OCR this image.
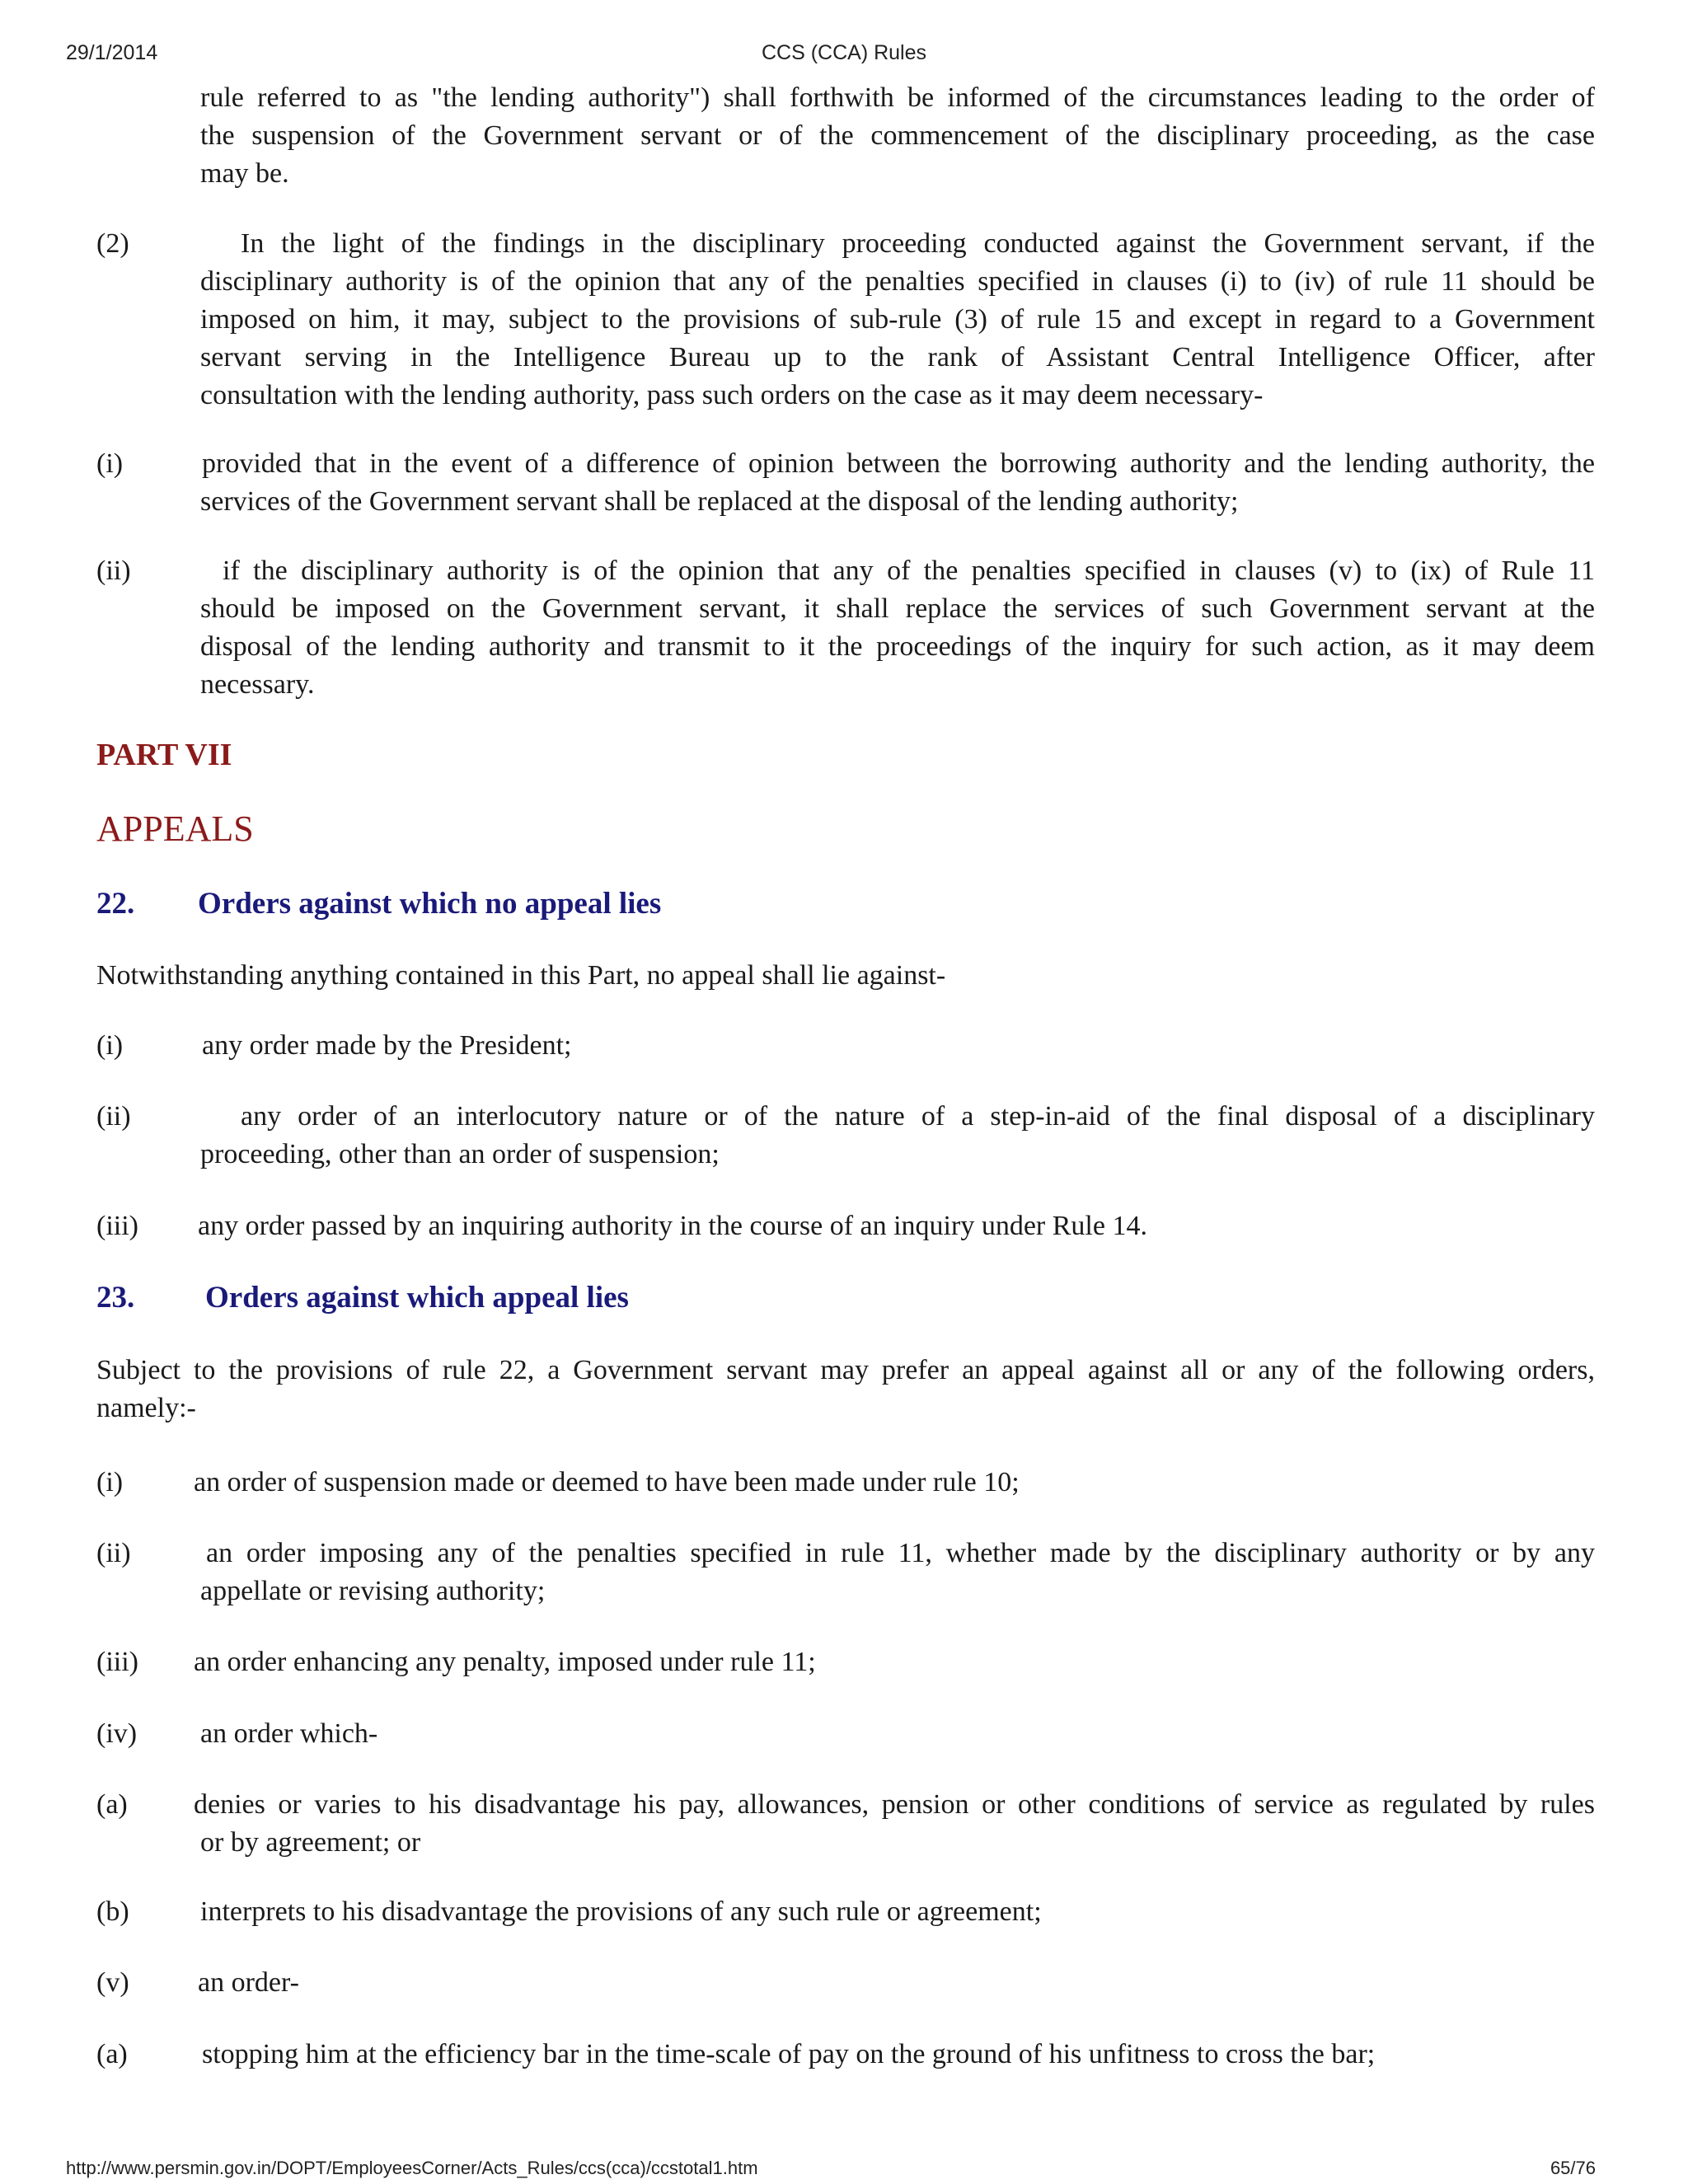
29/1/2014	CCS (CCA) Rules
http://www.persmin.gov.in/DOPT/EmployeesCorner/Acts_Rules/ccs(cca)/ccstotal1.htm	65/76
rule referred to as "the lending authority") shall forthwith be informed of the circumstances leading to the order of
the suspension of the Government servant or of the commencement of the disciplinary proceeding, as the case
may be.
(2)	In the light of the findings in the disciplinary proceeding conducted against the Government servant, if the
disciplinary authority is of the opinion that any of the penalties specified in clauses (i) to (iv) of rule 11 should be
imposed on him, it may, subject to the provisions of sub-rule (3) of rule 15 and except in regard to a Government
servant serving in the Intelligence Bureau up to the rank of Assistant Central Intelligence Officer, after
consultation with the lending authority, pass such orders on the case as it may deem necessary-
(i)	provided that in the event of a difference of opinion between the borrowing authority and the lending authority, the
services of the Government servant shall be replaced at the disposal of the lending authority;
(ii)	if the disciplinary authority is of the opinion that any of the penalties specified in clauses (v) to (ix) of Rule 11
should be imposed on the Government servant, it shall replace the services of such Government servant at the
disposal of the lending authority and transmit to it the proceedings of the inquiry for such action, as it may deem
necessary.
PART VII
APPEALS
22. Orders against which no appeal lies
Notwithstanding anything contained in this Part, no appeal shall lie against-
(i)	any order made by the President;
(ii)	any order of an interlocutory nature or of the nature of a step-in-aid of the final disposal of a disciplinary
proceeding, other than an order of suspension;
(iii) any order passed by an inquiring authority in the course of an inquiry under Rule 14.
23. Orders against which appeal lies
Subject to the provisions of rule 22, a Government servant may prefer an appeal against all or any of the following orders,
namely:-
(i)	an order of suspension made or deemed to have been made under rule 10;
(ii)	an order imposing any of the penalties specified in rule 11, whether made by the disciplinary authority or by any
appellate or revising authority;
(iii) an order enhancing any penalty, imposed under rule 11;
(iv) an order which-
(a) denies or varies to his disadvantage his pay, allowances, pension or other conditions of service as regulated by rules
or by agreement; or
(b)	interprets to his disadvantage the provisions of any such rule or agreement;
(v) an order-
(a)	stopping him at the efficiency bar in the time-scale of pay on the ground of his unfitness to cross the bar;
